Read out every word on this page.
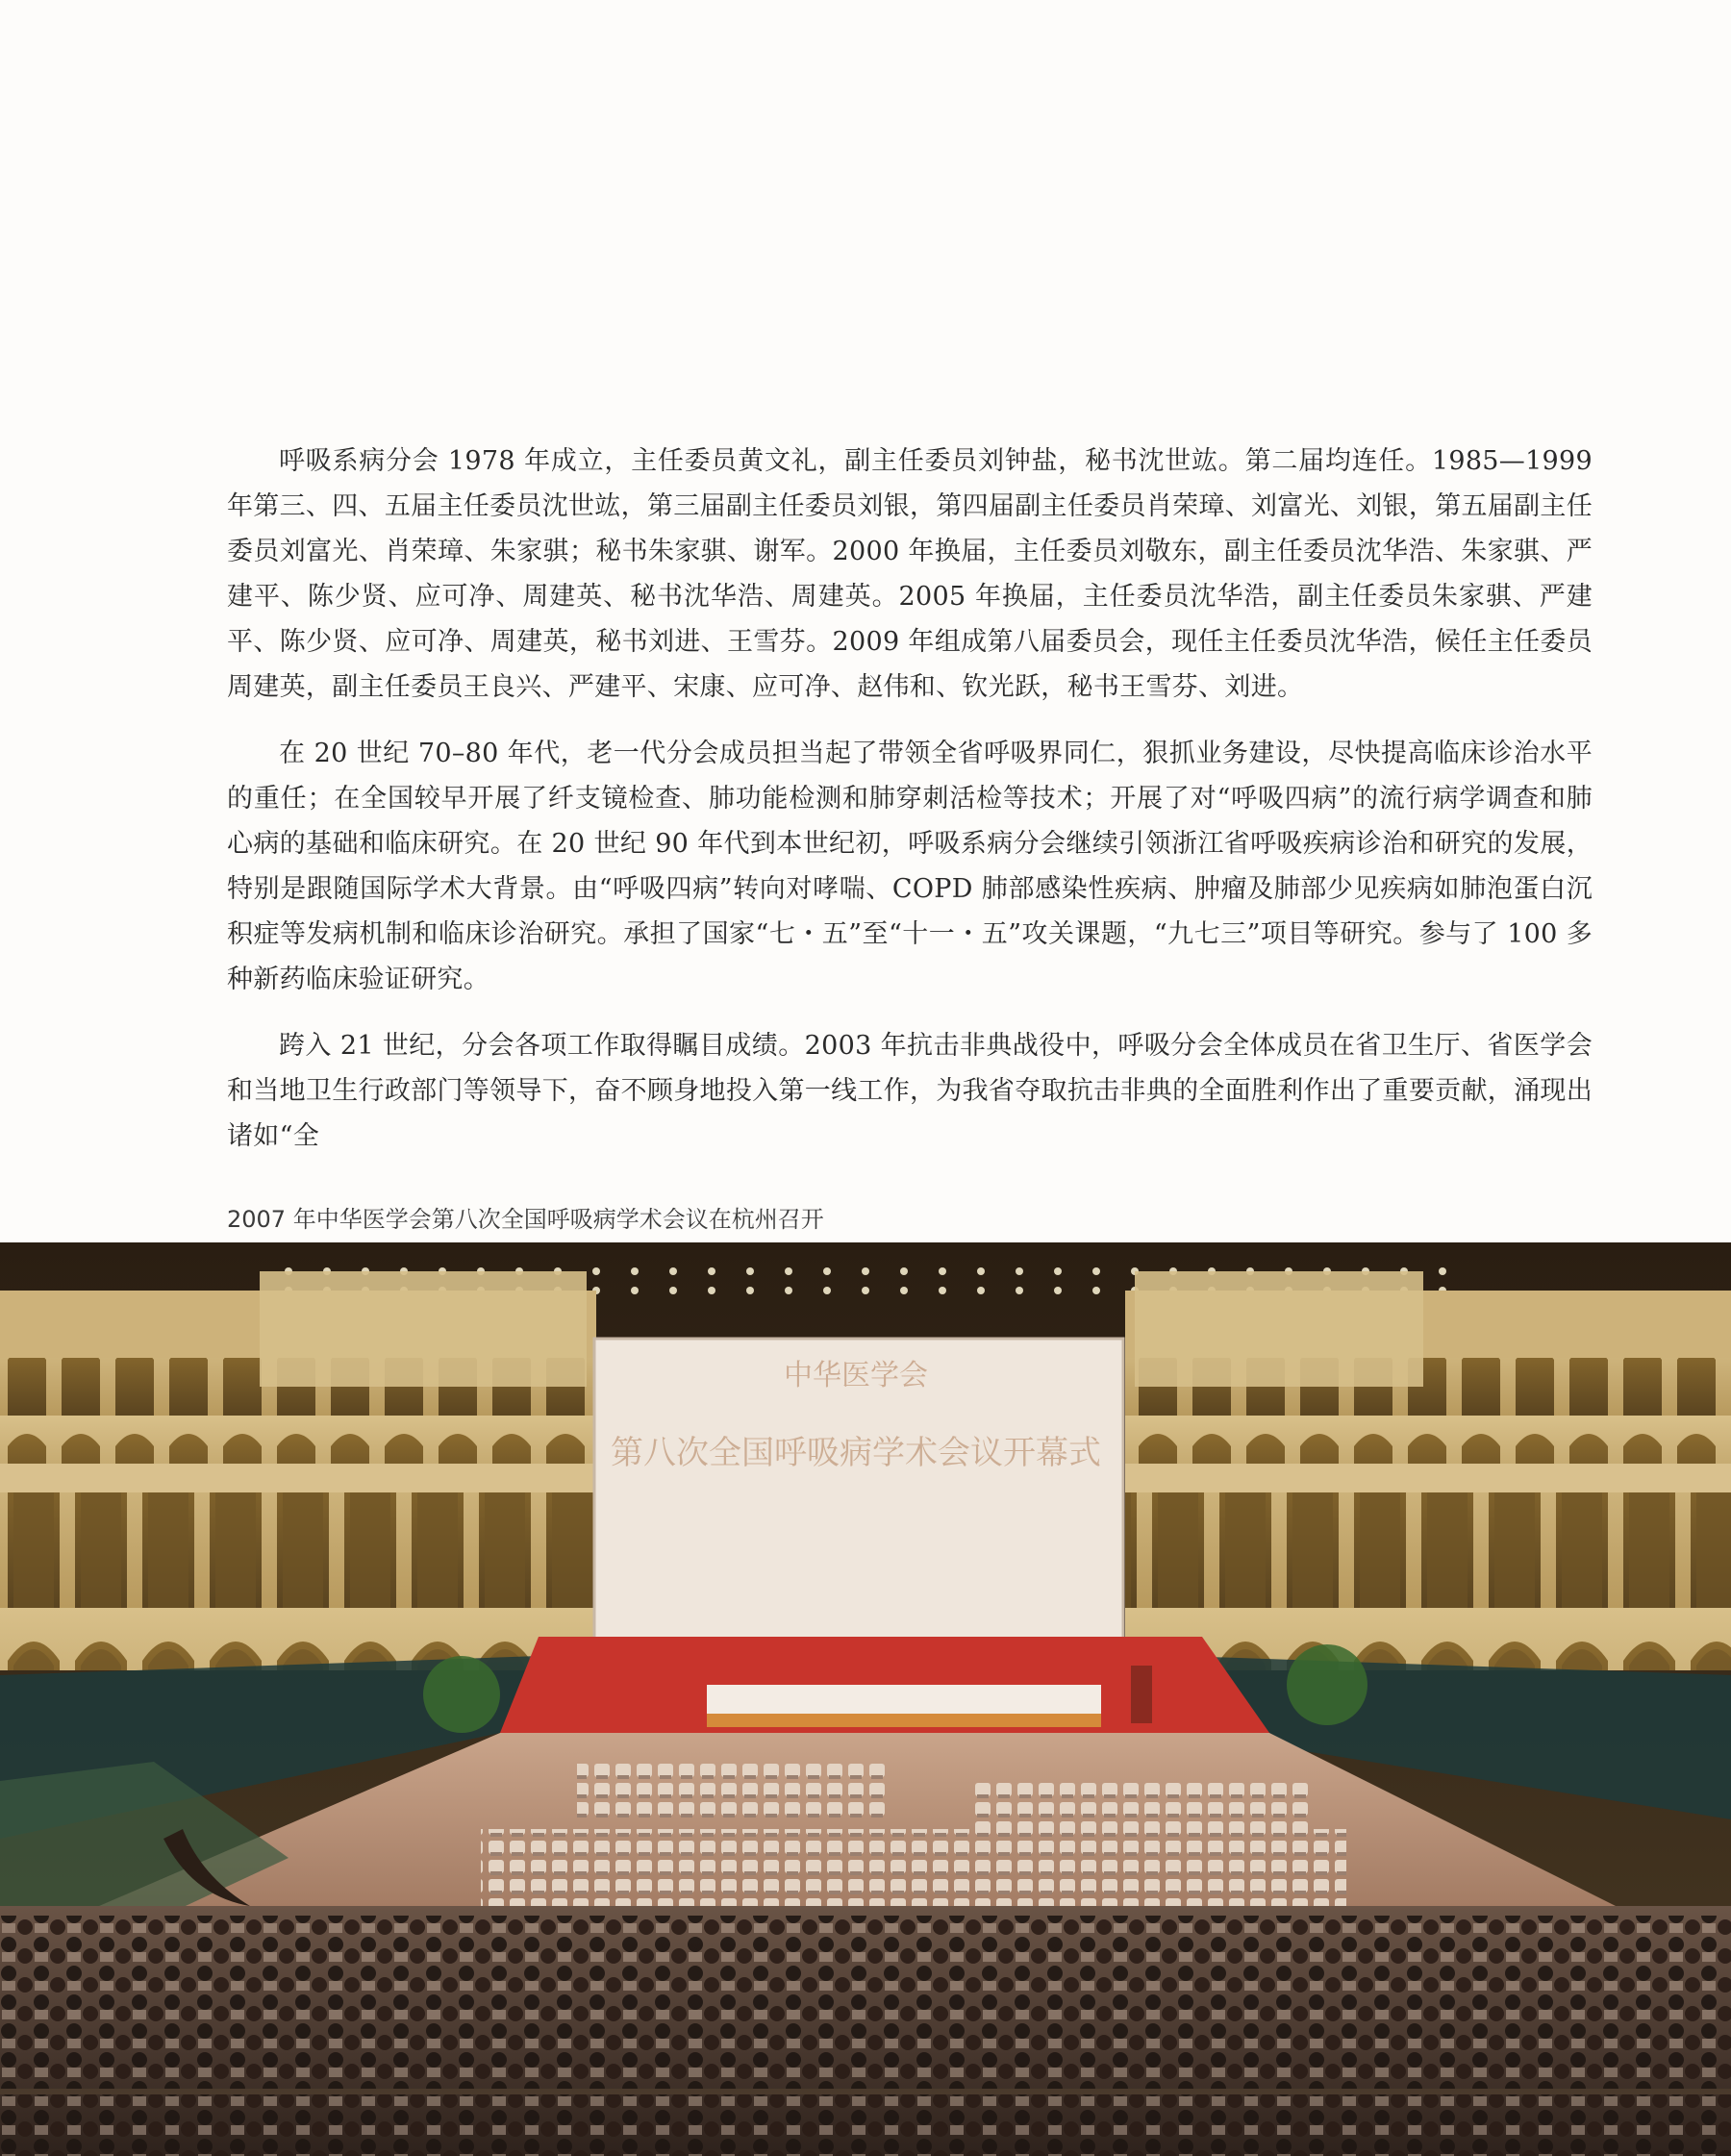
呼吸系病分会 1978 年成立，主任委员黄文礼，副主任委员刘钟盐，秘书沈世竑。第二届均连任。1985—1999 年第三、四、五届主任委员沈世竑，第三届副主任委员刘银，第四届副主任委员肖荣璋、刘富光、刘银，第五届副主任委员刘富光、肖荣璋、朱家骐；秘书朱家骐、谢军。2000 年换届，主任委员刘敬东，副主任委员沈华浩、朱家骐、严建平、陈少贤、应可净、周建英、秘书沈华浩、周建英。2005 年换届，主任委员沈华浩，副主任委员朱家骐、严建平、陈少贤、应可净、周建英，秘书刘进、王雪芬。2009 年组成第八届委员会，现任主任委员沈华浩，候任主任委员周建英，副主任委员王良兴、严建平、宋康、应可净、赵伟和、钦光跃，秘书王雪芬、刘进。

在 20 世纪 70–80 年代，老一代分会成员担当起了带领全省呼吸界同仁，狠抓业务建设，尽快提高临床诊治水平的重任；在全国较早开展了纤支镜检查、肺功能检测和肺穿刺活检等技术；开展了对“呼吸四病”的流行病学调查和肺心病的基础和临床研究。在 20 世纪 90 年代到本世纪初，呼吸系病分会继续引领浙江省呼吸疾病诊治和研究的发展，特别是跟随国际学术大背景。由“呼吸四病”转向对哮喘、COPD 肺部感染性疾病、肿瘤及肺部少见疾病如肺泡蛋白沉积症等发病机制和临床诊治研究。承担了国家“七・五”至“十一・五”攻关课题，“九七三”项目等研究。参与了 100 多种新药临床验证研究。

跨入 21 世纪，分会各项工作取得瞩目成绩。2003 年抗击非典战役中，呼吸分会全体成员在省卫生厅、省医学会和当地卫生行政部门等领导下，奋不顾身地投入第一线工作，为我省夺取抗击非典的全面胜利作出了重要贡献，涌现出诸如“全

2007 年中华医学会第八次全国呼吸病学术会议在杭州召开
中华医学会
第八次全国呼吸病学术会议开幕式
